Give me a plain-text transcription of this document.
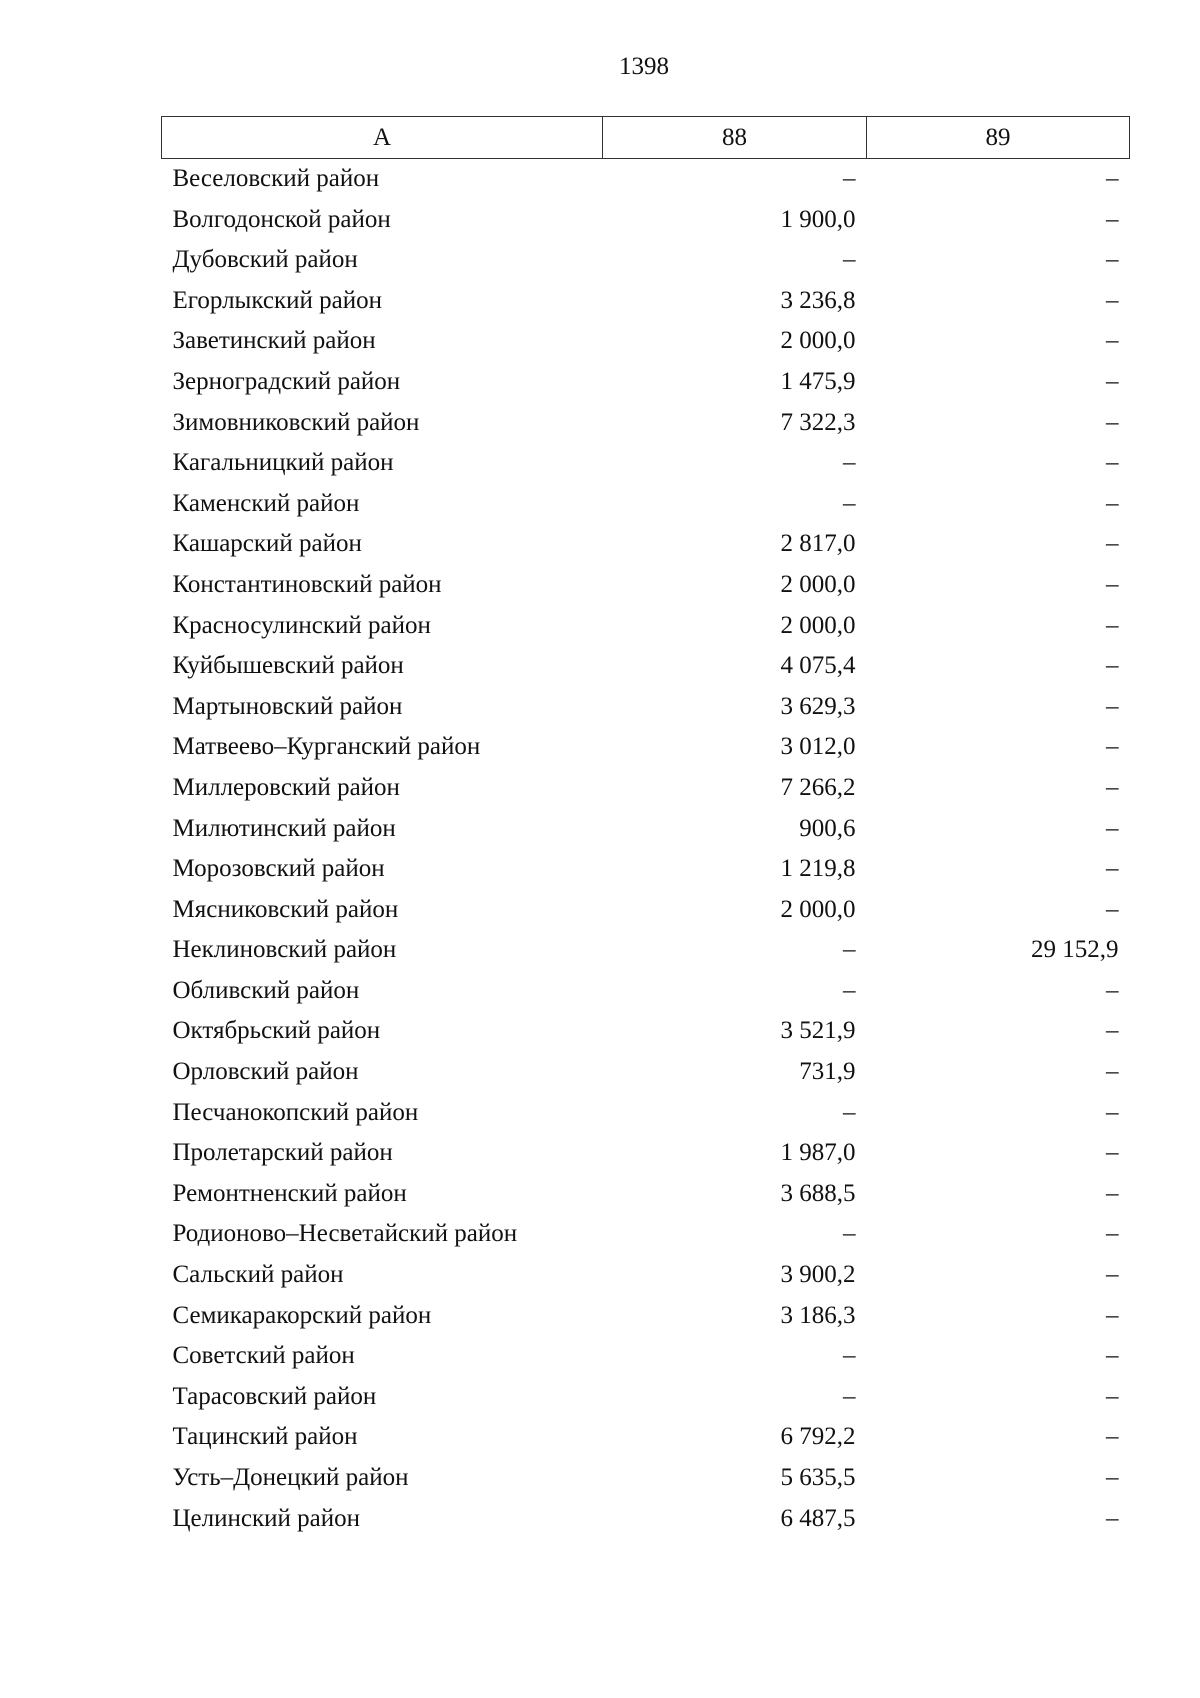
1398
А	88	89
Веселовский район	–	–
Волгодонской район	1 900,0	–
Дубовский район	–	–
Егорлыкский район	3 236,8	–
Заветинский район	2 000,0	–
Зерноградский район	1 475,9	–
Зимовниковский район	7 322,3	–
Кагальницкий район	–	–
Каменский район	–	–
Кашарский район	2 817,0	–
Константиновский район	2 000,0	–
Красносулинский район	2 000,0	–
Куйбышевский район	4 075,4	–
Мартыновский район	3 629,3	–
Матвеево–Курганский район	3 012,0	–
Миллеровский район	7 266,2	–
Милютинский район	900,6	–
Морозовский район	1 219,8	–
Мясниковский район	2 000,0	–
Неклиновский район	–	29 152,9
Обливский район	–	–
Октябрьский район	3 521,9	–
Орловский район	731,9	–
Песчанокопский район	–	–
Пролетарский район	1 987,0	–
Ремонтненский район	3 688,5	–
Родионово–Несветайский район	–	–
Сальский район	3 900,2	–
Семикаракорский район	3 186,3	–
Советский район	–	–
Тарасовский район	–	–
Тацинский район	6 792,2	–
Усть–Донецкий район	5 635,5	–
Целинский район	6 487,5	–
